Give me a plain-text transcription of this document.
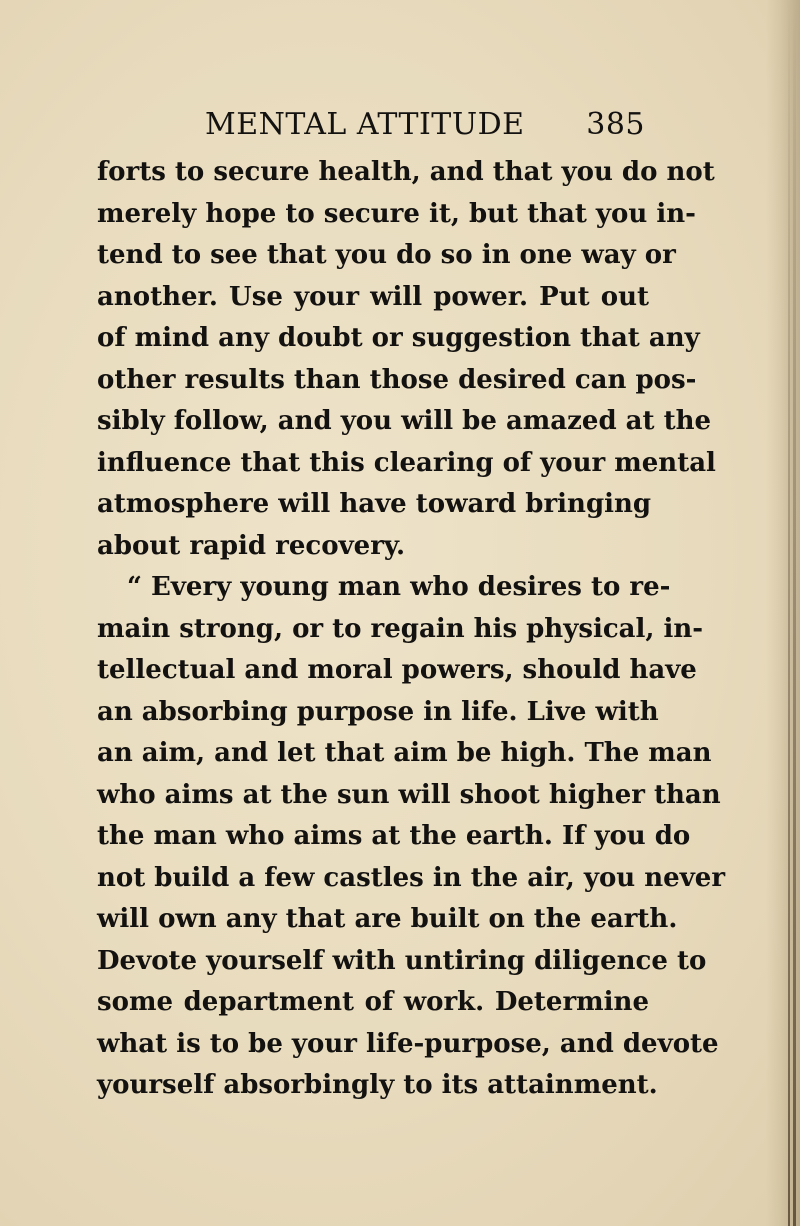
MENTAL ATTITUDE 385
forts to secure health, and that you do not
merely hope to secure it, but that you in-
tend to see that you do so in one way or
another. Use your will power. Put out
of mind any doubt or suggestion that any
other results than those desired can pos-
sibly follow, and you will be amazed at the
influence that this clearing of your mental
atmosphere will have toward bringing
about rapid recovery.
“ Every young man who desires to re-
main strong, or to regain his physical, in-
tellectual and moral powers, should have
an absorbing purpose in life. Live with
an aim, and let that aim be high. The man
who aims at the sun will shoot higher than
the man who aims at the earth. If you do
not build a few castles in the air, you never
will own any that are built on the earth.
Devote yourself with untiring diligence to
some department of work. Determine
what is to be your life-purpose, and devote
yourself absorbingly to its attainment.
